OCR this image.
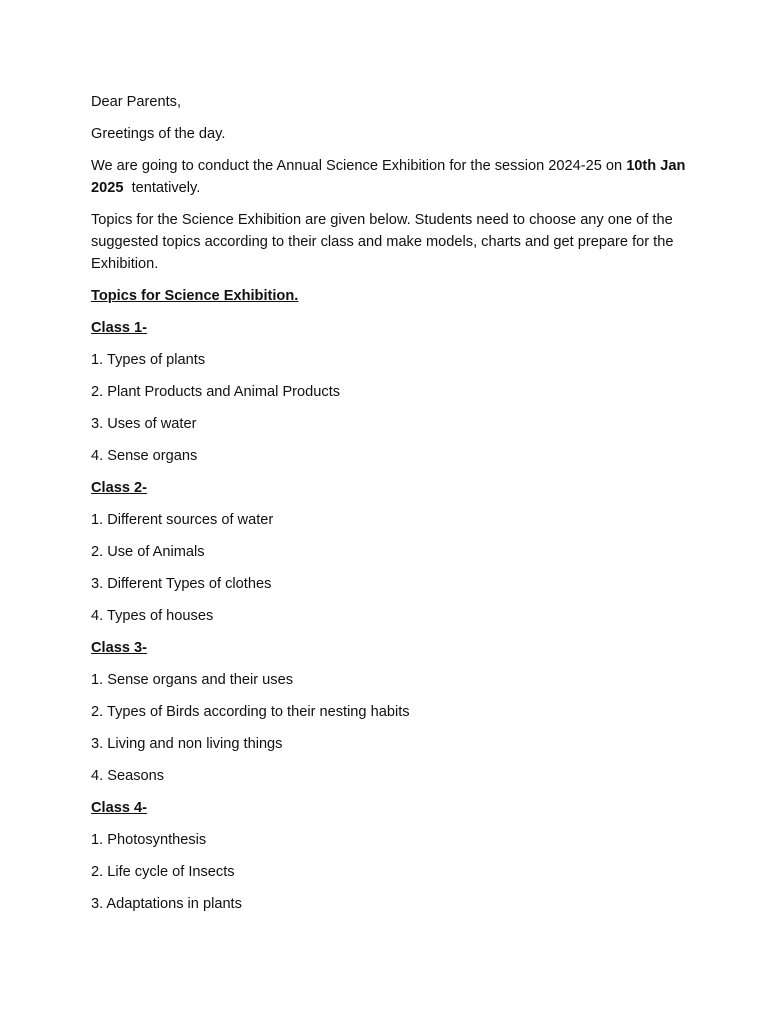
Dear Parents,

Greetings of the day.

We are going to conduct the Annual Science Exhibition for the session 2024-25 on 10th Jan 2025  tentatively.

Topics for the Science Exhibition are given below. Students need to choose any one of the suggested topics according to their class and make models, charts and get prepare for the Exhibition.

Topics for Science Exhibition.

Class 1-

1. Types of plants

2. Plant Products and Animal Products

3. Uses of water

4. Sense organs

Class 2-

1. Different sources of water

2. Use of Animals

3. Different Types of clothes

4. Types of houses

Class 3-

1. Sense organs and their uses

2. Types of Birds according to their nesting habits

3. Living and non living things

4. Seasons

Class 4-

1. Photosynthesis

2. Life cycle of Insects

3. Adaptations in plants
